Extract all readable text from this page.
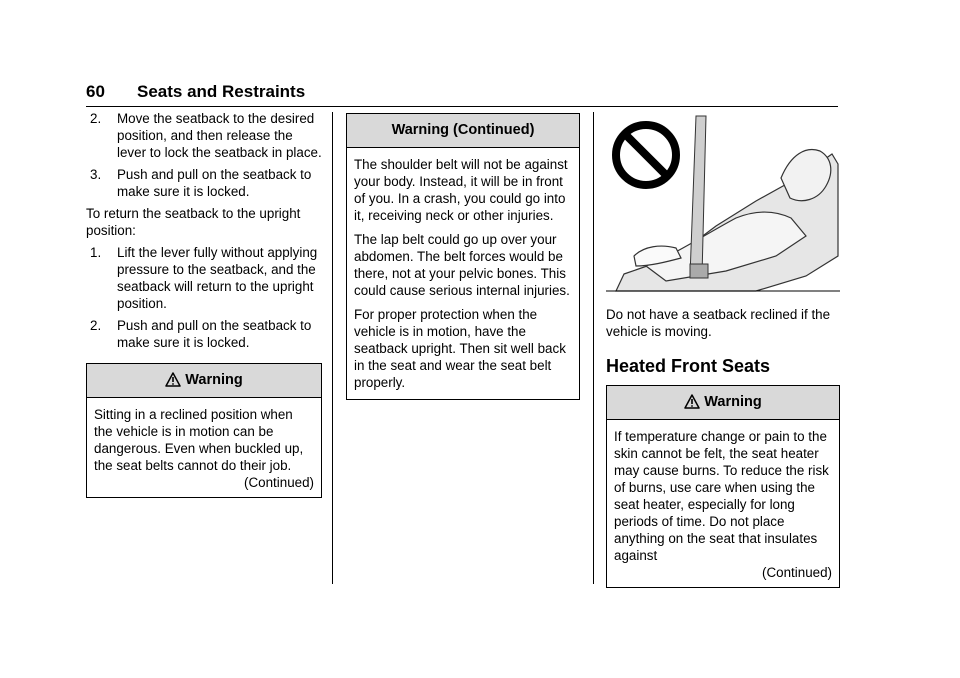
60 Seats and Restraints
2. Move the seatback to the desired position, and then release the lever to lock the seatback in place.
3. Push and pull on the seatback to make sure it is locked.

To return the seatback to the upright position:

1. Lift the lever fully without applying pressure to the seatback, and the seatback will return to the upright position.
2. Push and pull on the seatback to make sure it is locked.
Warning

Sitting in a reclined position when the vehicle is in motion can be dangerous. Even when buckled up, the seat belts cannot do their job.

(Continued)
Warning (Continued)

The shoulder belt will not be against your body. Instead, it will be in front of you. In a crash, you could go into it, receiving neck or other injuries.

The lap belt could go up over your abdomen. The belt forces would be there, not at your pelvic bones. This could cause serious internal injuries.

For proper protection when the vehicle is in motion, have the seatback upright. Then sit well back in the seat and wear the seat belt properly.

Do not have a seatback reclined if the vehicle is moving.

Heated Front Seats
Warning

If temperature change or pain to the skin cannot be felt, the seat heater may cause burns. To reduce the risk of burns, use care when using the seat heater, especially for long periods of time. Do not place anything on the seat that insulates against

(Continued)
